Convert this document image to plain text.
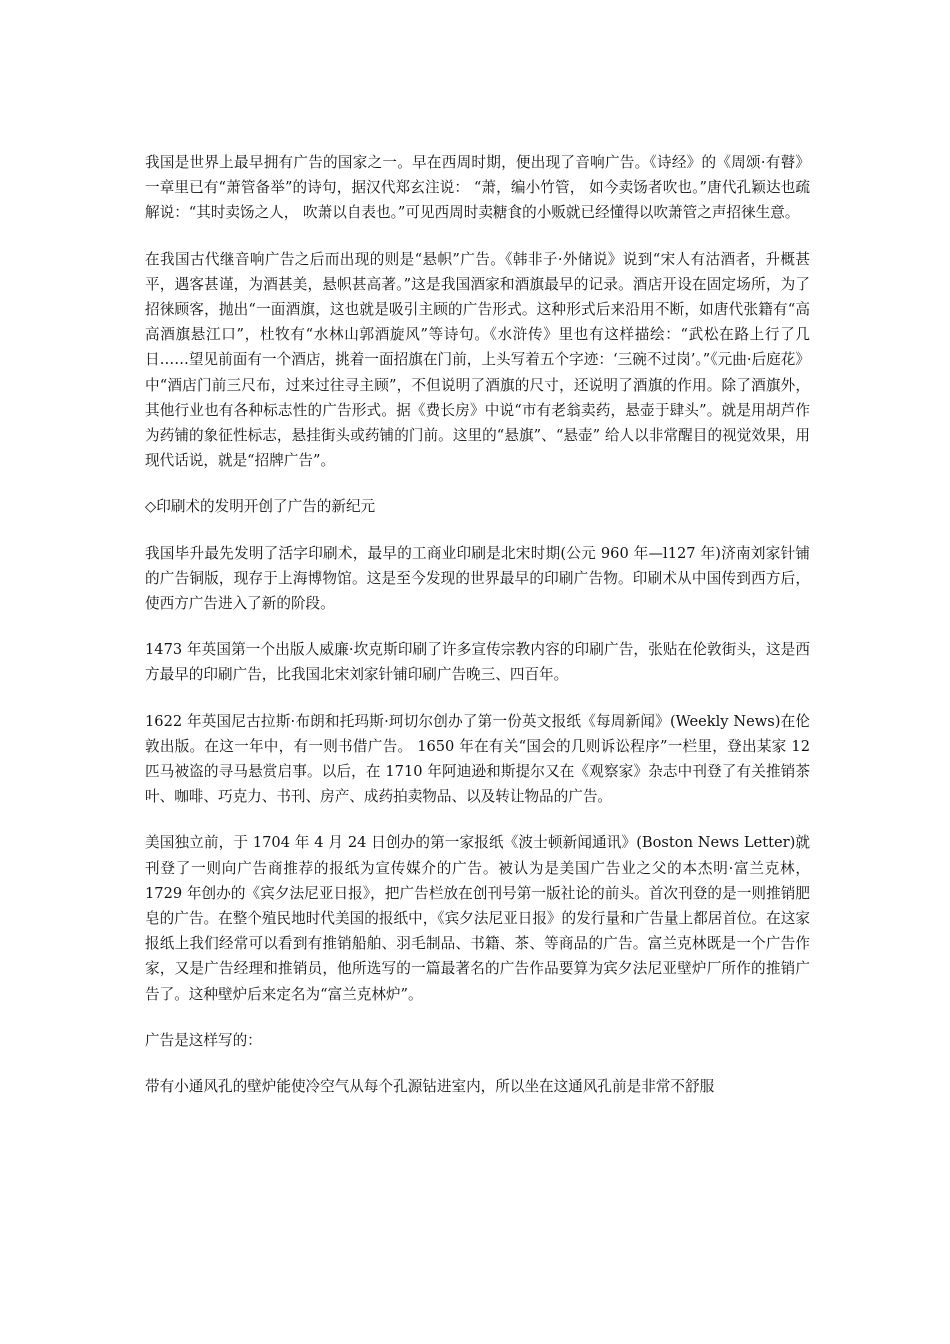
我国是世界上最早拥有广告的国家之一。早在西周时期，便出现了音响广告。《诗经》的《周颂·有瞽》一章里已有“萧管备举”的诗句，据汉代郑玄注说： “萧，编小竹管， 如今卖饧者吹也。”唐代孔颖达也疏解说：“其时卖饧之人， 吹萧以自表也。”可见西周时卖糖食的小贩就已经懂得以吹萧管之声招徕生意。

在我国古代继音响广告之后而出现的则是“悬帜”广告。《韩非子·外储说》说到“宋人有沽酒者，升概甚平，遇客甚谨，为酒甚美，悬帜甚高著。”这是我国酒家和酒旗最早的记录。酒店开设在固定场所，为了招徕顾客，抛出“一面酒旗，这也就是吸引主顾的广告形式。这种形式后来沿用不断，如唐代张籍有“高高酒旗悬江口”，杜牧有“水林山郭酒旋风”等诗句。《水浒传》里也有这样描绘：“武松在路上行了几日……望见前面有一个酒店，挑着一面招旗在门前，上头写着五个字迹：‘三碗不过岗’。”《元曲·后庭花》中“酒店门前三尺布，过来过往寻主顾”，不但说明了酒旗的尺寸，还说明了酒旗的作用。除了酒旗外，其他行业也有各种标志性的广告形式。据《费长房》中说“市有老翁卖药，悬壶于肆头”。就是用胡芦作为药铺的象征性标志，悬挂街头或药铺的门前。这里的“悬旗”、“悬壶” 给人以非常醒目的视觉效果，用现代话说，就是“招牌广告”。

◇印刷术的发明开创了广告的新纪元

我国毕升最先发明了活字印刷术，最早的工商业印刷是北宋时期(公元 960 年—l127 年)济南刘家针铺的广告铜版，现存于上海博物馆。这是至今发现的世界最早的印刷广告物。印刷术从中国传到西方后，使西方广告进入了新的阶段。

1473 年英国第一个出版人威廉·坎克斯印刷了许多宣传宗教内容的印刷广告，张贴在伦敦街头，这是西方最早的印刷广告，比我国北宋刘家针铺印刷广告晚三、四百年。

1622 年英国尼古拉斯·布朗和托玛斯·珂切尔创办了第一份英文报纸《每周新闻》(Weekly News)在伦敦出版。在这一年中，有一则书借广告。 1650 年在有关“国会的几则诉讼程序”一栏里，登出某家 12 匹马被盗的寻马悬赏启事。以后，在 1710 年阿迪逊和斯提尔又在《观察家》杂志中刊登了有关推销茶叶、咖啡、巧克力、书刊、房产、成药拍卖物品、以及转让物品的广告。

美国独立前，于 1704 年 4 月 24 日创办的第一家报纸《波士顿新闻通讯》(Boston News Letter)就刊登了一则向广告商推荐的报纸为宣传媒介的广告。被认为是美国广告业之父的本杰明·富兰克林， 1729 年创办的《宾夕法尼亚日报》，把广告栏放在创刊号第一版社论的前头。首次刊登的是一则推销肥皂的广告。在整个殖民地时代美国的报纸中，《宾夕法尼亚日报》的发行量和广告量上都居首位。在这家报纸上我们经常可以看到有推销船舶、羽毛制品、书籍、茶、等商品的广告。富兰克林既是一个广告作家，又是广告经理和推销员，他所选写的一篇最著名的广告作品要算为宾夕法尼亚壁炉厂所作的推销广告了。这种壁炉后来定名为“富兰克林炉”。

广告是这样写的：

带有小通风孔的壁炉能使冷空气从每个孔源钻进室内，所以坐在这通风孔前是非常不舒服
